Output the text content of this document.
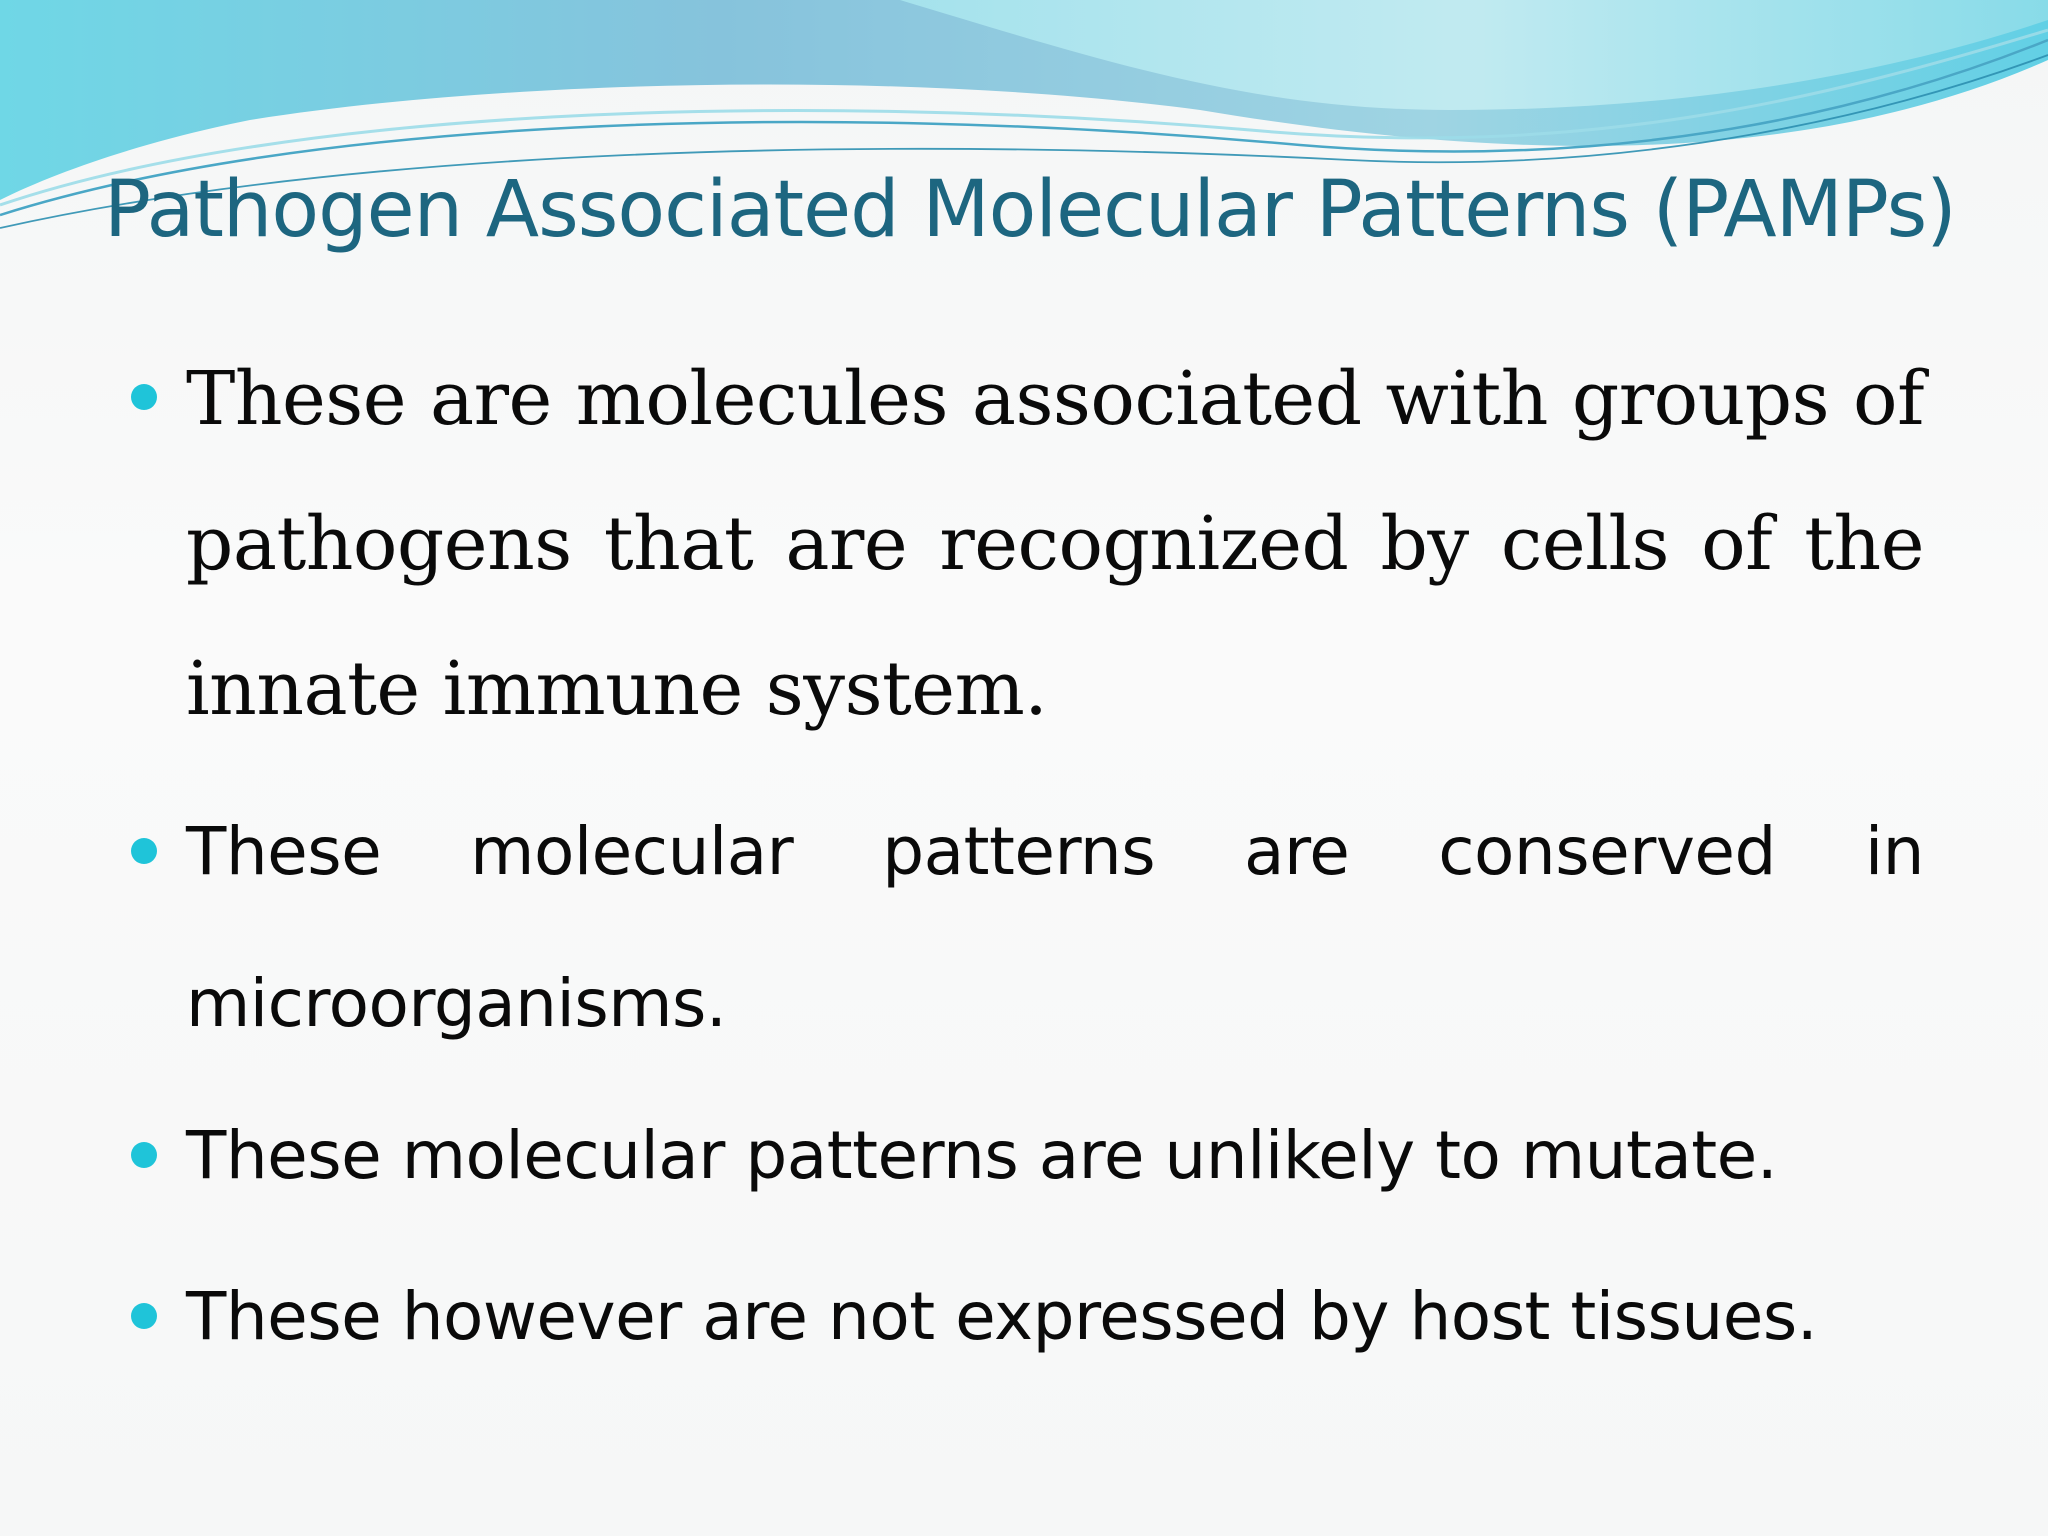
Pathogen Associated Molecular Patterns (PAMPs)
These are molecules associated with groups of pathogens that are recognized by cells of the innate immune system.
These molecular patterns are conserved in microorganisms.
These molecular patterns are unlikely to mutate.
These however are not expressed by host tissues.
